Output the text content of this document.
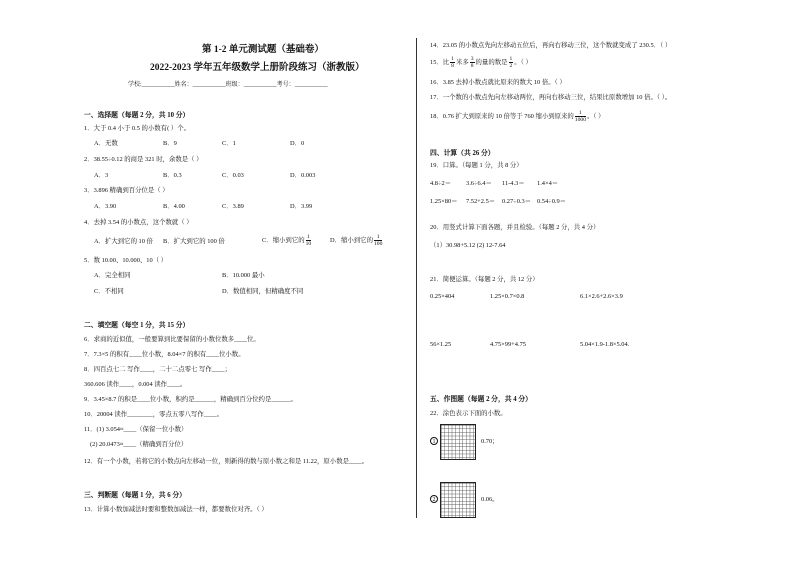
第 1-2 单元测试题（基础卷）
2022-2023 学年五年级数学上册阶段练习（浙教版）
学校:___________姓名：___________班级：___________考号：___________
一、选择题（每题 2 分，共 10 分）
1．大于 0.4 小于 0.5 的小数有( ）个。
A．无数	B．9	C．1	D．0
2．38.55÷0.12 的商是 321 时，余数是（ ）
A．3	B．0.3	C．0.03	D．0.003
3．3.896 精确到百分位是（ ）
A．3.90	B．4.00	C．3.89	D．3.99
4．去掉 3.54 的小数点，这个数就（ ）
A．扩大到它的 10 倍 B．扩大到它的 100 倍	C．缩小到它的 $\frac{1}{10}$	D．缩小到它的 $\frac{1}{100}$
5．数 10.00、10.000、10（ ）
A．完全相同	B．10.000 最小
C．不相同	D．数值相同，但精确度不同
二、填空题（每空 1 分，共 15 分）
6．求商的近似值，一般要算到比要保留的小数位数多____位。
7．7.3×5 的积有____位小数，8.04×7 的积有____位小数。
8．四百点七二 写作____，二十二点零七 写作____；
360.606 读作____，0.004 读作____。
9．3.45×8.7 的积是____位小数，积约是______，精确到百分位约是______。
10．20004 读作________，零点五零八写作____。
11．(1) 3.054≈____（保留一位小数）
(2) 20.0473≈____（精确到百分位）
12．有一个小数，若将它的小数点向左移动一位，则新得的数与原小数之和是 11.22，原小数是____。
三、判断题（每题 1 分，共 6 分）
13．计算小数加减法时要和整数加减法一样，都要数位对齐。（ ）
14．23.05 的小数点先向左移动五位后，再向右移动三位，这个数就变成了 230.5．（ ）
15．比 $\frac{1}{8}$ 米多 $\frac{3}{8}$ 的量的数是 $\frac{1}{2}$ 。（ ）
16．3.85 去掉小数点就比原来的数大 10 倍。（ ）
17．一个数的小数点先向左移动两位，再向右移动三位，结果比原数增加 10 倍。（ ）。
18．0.76 扩大到原来的 10 倍等于 760 缩小到原来的 $\frac{1}{1000}$ 。（ ）
四、计算（共 26 分）
19．口算。（每题 1 分，共 8 分）
4.8÷2＝ 3.6÷6.4＝ 11-4.3＝ 1.4×4＝
1.25×80＝ 7.52+2.5＝ 0.27÷0.3＝ 0.54÷0.9＝
20．用竖式计算下面各题，并且检验。（每题 2 分，共 4 分）
（1）30.98+5.12 (2) 12-7.64
21．简便运算。（每题 2 分，共 12 分）
0.25×404	1.25×0.7×0.8	6.1×2.6+2.6×3.9
56×1.25	4.75×99+4.75	5.04×1.9-1.8×5.04.
五、作图题（每题 2 分，共 4 分）
22．涂色表示下面的小数。
1	0.70；
2	0.06。
